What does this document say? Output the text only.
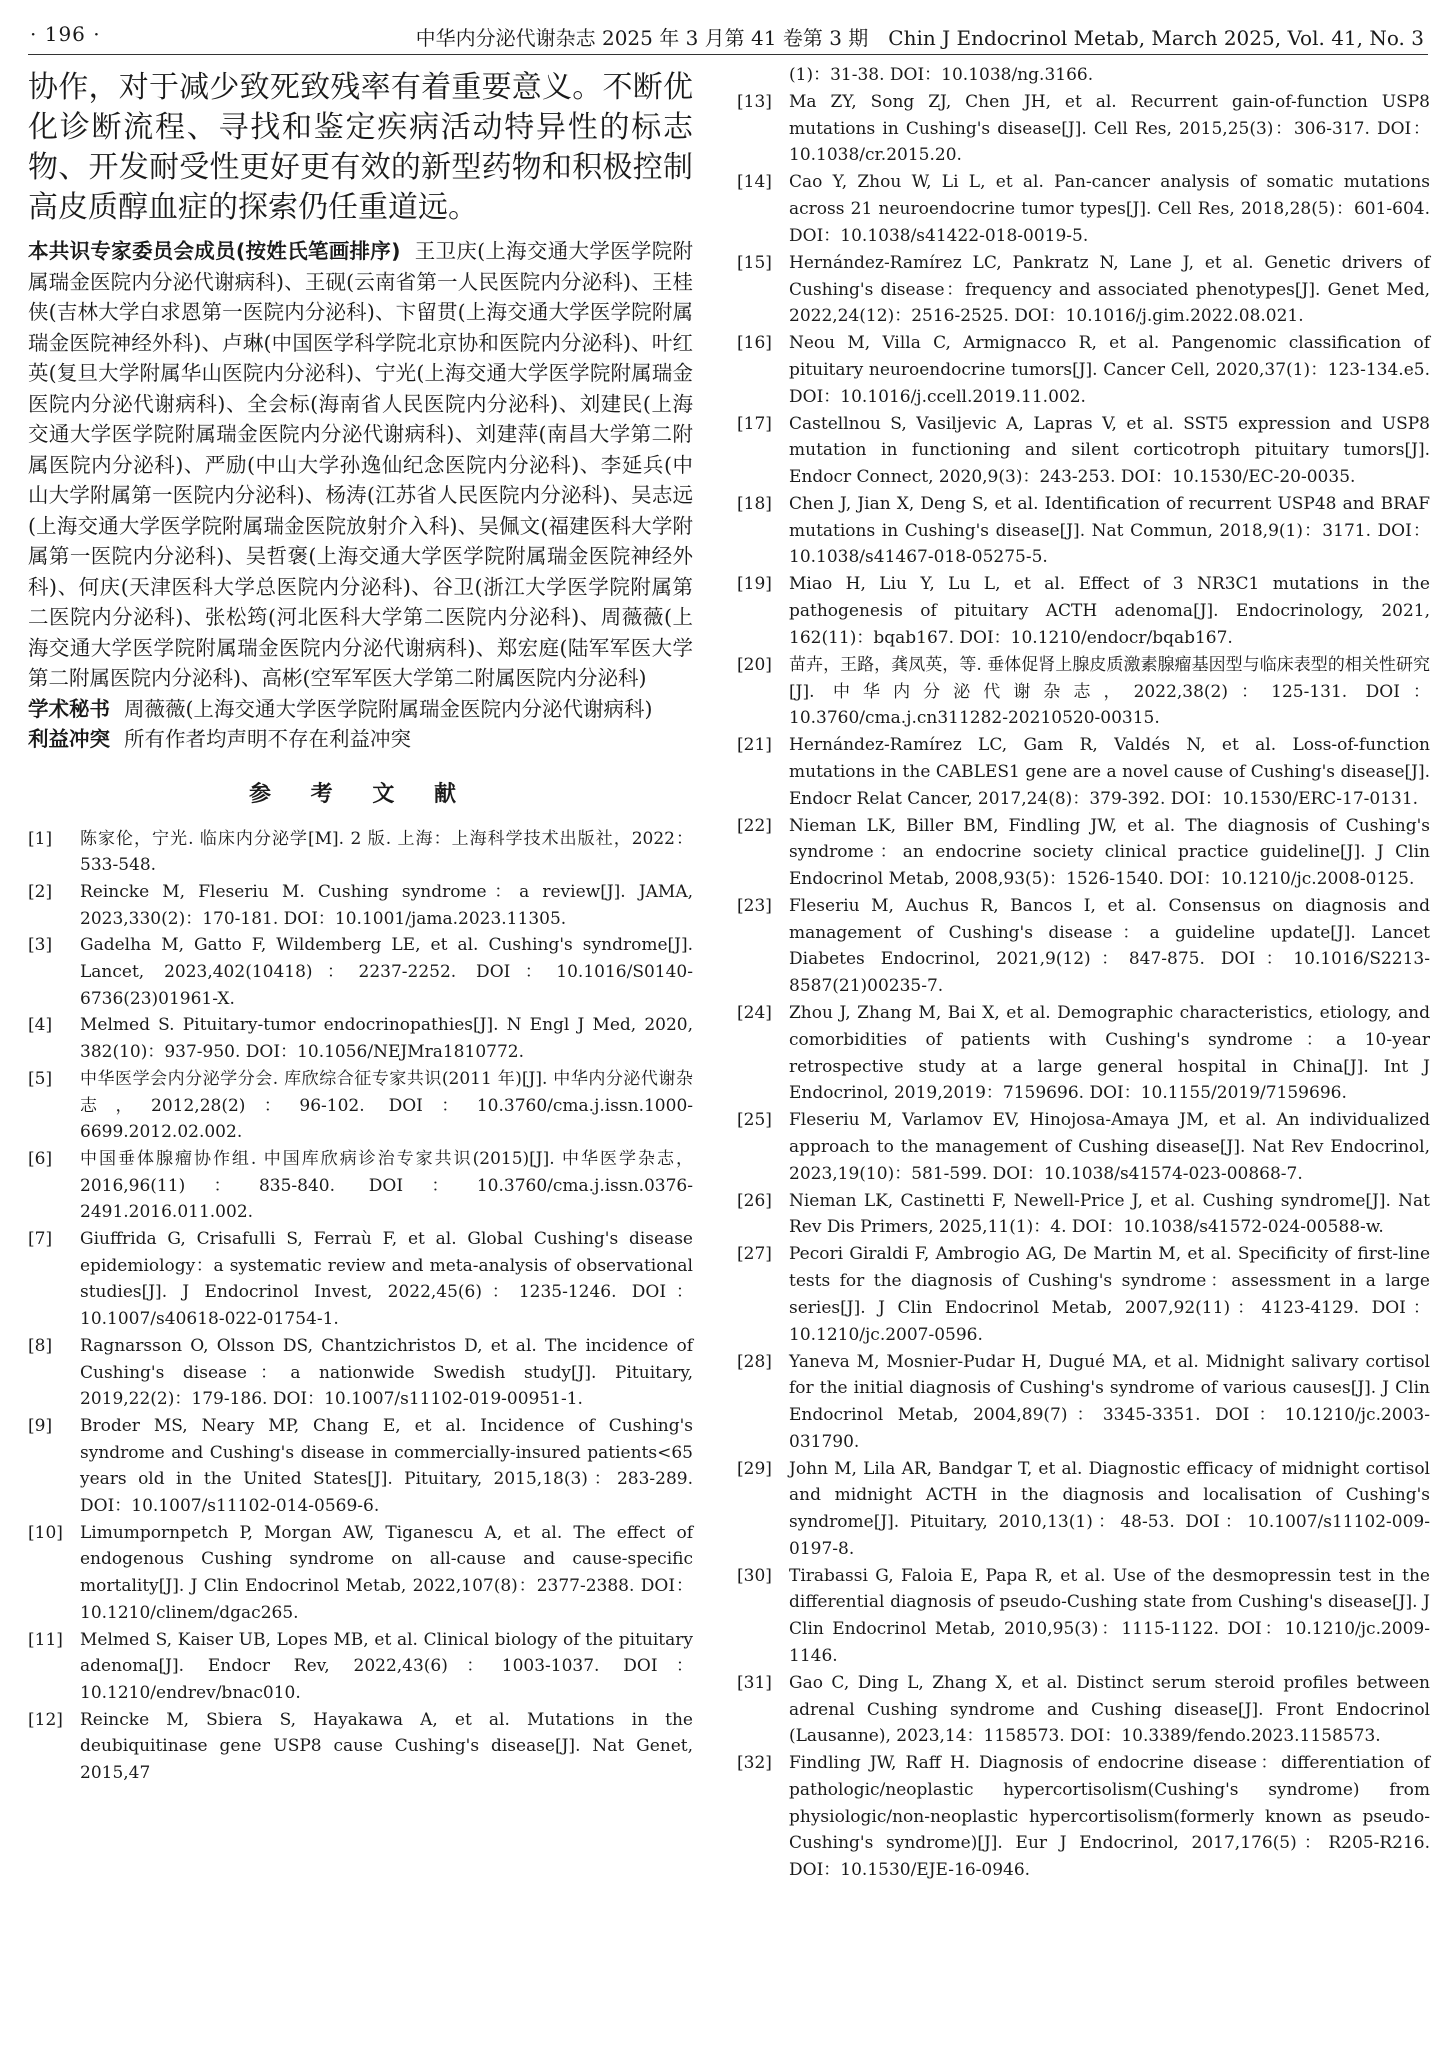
· 196 ·	中华内分泌代谢杂志 2025 年 3 月第 41 卷第 3 期　Chin J Endocrinol Metab, March 2025, Vol. 41, No. 3

协作，对于减少致死致残率有着重要意义。不断优化诊断流程、寻找和鉴定疾病活动特异性的标志物、开发耐受性更好更有效的新型药物和积极控制高皮质醇血症的探索仍任重道远。

本共识专家委员会成员(按姓氏笔画排序) 王卫庆(上海交通大学医学院附属瑞金医院内分泌代谢病科)、王砚(云南省第一人民医院内分泌科)、王桂侠(吉林大学白求恩第一医院内分泌科)、卞留贯(上海交通大学医学院附属瑞金医院神经外科)、卢琳(中国医学科学院北京协和医院内分泌科)、叶红英(复旦大学附属华山医院内分泌科)、宁光(上海交通大学医学院附属瑞金医院内分泌代谢病科)、全会标(海南省人民医院内分泌科)、刘建民(上海交通大学医学院附属瑞金医院内分泌代谢病科)、刘建萍(南昌大学第二附属医院内分泌科)、严励(中山大学孙逸仙纪念医院内分泌科)、李延兵(中山大学附属第一医院内分泌科)、杨涛(江苏省人民医院内分泌科)、吴志远(上海交通大学医学院附属瑞金医院放射介入科)、吴佩文(福建医科大学附属第一医院内分泌科)、吴哲褒(上海交通大学医学院附属瑞金医院神经外科)、何庆(天津医科大学总医院内分泌科)、谷卫(浙江大学医学院附属第二医院内分泌科)、张松筠(河北医科大学第二医院内分泌科)、周薇薇(上海交通大学医学院附属瑞金医院内分泌代谢病科)、郑宏庭(陆军军医大学第二附属医院内分泌科)、高彬(空军军医大学第二附属医院内分泌科)

学术秘书 周薇薇(上海交通大学医学院附属瑞金医院内分泌代谢病科)

利益冲突 所有作者均声明不存在利益冲突

参 考 文 献
[1]	陈家伦，宁光. 临床内分泌学[M]. 2 版. 上海：上海科学技术出版社，2022：533-548.
[2]	Reincke M, Fleseriu M. Cushing syndrome：a review[J]. JAMA, 2023,330(2)：170-181. DOI：10.1001/jama.2023.11305.
[3]	Gadelha M, Gatto F, Wildemberg LE, et al. Cushing's syndrome[J]. Lancet, 2023,402(10418)：2237-2252. DOI：10.1016/S0140-6736(23)01961-X.
[4]	Melmed S. Pituitary-tumor endocrinopathies[J]. N Engl J Med, 2020, 382(10)：937-950. DOI：10.1056/NEJMra1810772.
[5]	中华医学会内分泌学分会. 库欣综合征专家共识(2011 年)[J]. 中华内分泌代谢杂志，2012,28(2)：96-102. DOI：10.3760/cma.j.issn.1000-6699.2012.02.002.
[6]	中国垂体腺瘤协作组. 中国库欣病诊治专家共识(2015)[J]. 中华医学杂志，2016,96(11)：835-840. DOI：10.3760/cma.j.issn.0376-2491.2016.011.002.
[7]	Giuffrida G, Crisafulli S, Ferraù F, et al. Global Cushing's disease epidemiology：a systematic review and meta-analysis of observational studies[J]. J Endocrinol Invest, 2022,45(6)：1235-1246. DOI：10.1007/s40618-022-01754-1.
[8]	Ragnarsson O, Olsson DS, Chantzichristos D, et al. The incidence of Cushing's disease：a nationwide Swedish study[J]. Pituitary, 2019,22(2)：179-186. DOI：10.1007/s11102-019-00951-1.
[9]	Broder MS, Neary MP, Chang E, et al. Incidence of Cushing's syndrome and Cushing's disease in commercially-insured patients<65 years old in the United States[J]. Pituitary, 2015,18(3)：283-289. DOI：10.1007/s11102-014-0569-6.
[10]	Limumpornpetch P, Morgan AW, Tiganescu A, et al. The effect of endogenous Cushing syndrome on all-cause and cause-specific mortality[J]. J Clin Endocrinol Metab, 2022,107(8)：2377-2388. DOI：10.1210/clinem/dgac265.
[11]	Melmed S, Kaiser UB, Lopes MB, et al. Clinical biology of the pituitary adenoma[J]. Endocr Rev, 2022,43(6)：1003-1037. DOI：10.1210/endrev/bnac010.
[12]	Reincke M, Sbiera S, Hayakawa A, et al. Mutations in the deubiquitinase gene USP8 cause Cushing's disease[J]. Nat Genet, 2015,47
(1)：31-38. DOI：10.1038/ng.3166.
[13]	Ma ZY, Song ZJ, Chen JH, et al. Recurrent gain-of-function USP8 mutations in Cushing's disease[J]. Cell Res, 2015,25(3)：306-317. DOI：10.1038/cr.2015.20.
[14]	Cao Y, Zhou W, Li L, et al. Pan-cancer analysis of somatic mutations across 21 neuroendocrine tumor types[J]. Cell Res, 2018,28(5)：601-604. DOI：10.1038/s41422-018-0019-5.
[15]	Hernández-Ramírez LC, Pankratz N, Lane J, et al. Genetic drivers of Cushing's disease：frequency and associated phenotypes[J]. Genet Med, 2022,24(12)：2516-2525. DOI：10.1016/j.gim.2022.08.021.
[16]	Neou M, Villa C, Armignacco R, et al. Pangenomic classification of pituitary neuroendocrine tumors[J]. Cancer Cell, 2020,37(1)：123-134.e5. DOI：10.1016/j.ccell.2019.11.002.
[17]	Castellnou S, Vasiljevic A, Lapras V, et al. SST5 expression and USP8 mutation in functioning and silent corticotroph pituitary tumors[J]. Endocr Connect, 2020,9(3)：243-253. DOI：10.1530/EC-20-0035.
[18]	Chen J, Jian X, Deng S, et al. Identification of recurrent USP48 and BRAF mutations in Cushing's disease[J]. Nat Commun, 2018,9(1)：3171. DOI：10.1038/s41467-018-05275-5.
[19]	Miao H, Liu Y, Lu L, et al. Effect of 3 NR3C1 mutations in the pathogenesis of pituitary ACTH adenoma[J]. Endocrinology, 2021, 162(11)：bqab167. DOI：10.1210/endocr/bqab167.
[20]	苗卉，王路，龚凤英，等. 垂体促肾上腺皮质激素腺瘤基因型与临床表型的相关性研究[J]. 中华内分泌代谢杂志，2022,38(2)：125-131. DOI：10.3760/cma.j.cn311282-20210520-00315.
[21]	Hernández-Ramírez LC, Gam R, Valdés N, et al. Loss-of-function mutations in the CABLES1 gene are a novel cause of Cushing's disease[J]. Endocr Relat Cancer, 2017,24(8)：379-392. DOI：10.1530/ERC-17-0131.
[22]	Nieman LK, Biller BM, Findling JW, et al. The diagnosis of Cushing's syndrome：an endocrine society clinical practice guideline[J]. J Clin Endocrinol Metab, 2008,93(5)：1526-1540. DOI：10.1210/jc.2008-0125.
[23]	Fleseriu M, Auchus R, Bancos I, et al. Consensus on diagnosis and management of Cushing's disease：a guideline update[J]. Lancet Diabetes Endocrinol, 2021,9(12)：847-875. DOI：10.1016/S2213-8587(21)00235-7.
[24]	Zhou J, Zhang M, Bai X, et al. Demographic characteristics, etiology, and comorbidities of patients with Cushing's syndrome：a 10-year retrospective study at a large general hospital in China[J]. Int J Endocrinol, 2019,2019：7159696. DOI：10.1155/2019/7159696.
[25]	Fleseriu M, Varlamov EV, Hinojosa-Amaya JM, et al. An individualized approach to the management of Cushing disease[J]. Nat Rev Endocrinol, 2023,19(10)：581-599. DOI：10.1038/s41574-023-00868-7.
[26]	Nieman LK, Castinetti F, Newell-Price J, et al. Cushing syndrome[J]. Nat Rev Dis Primers, 2025,11(1)：4. DOI：10.1038/s41572-024-00588-w.
[27]	Pecori Giraldi F, Ambrogio AG, De Martin M, et al. Specificity of first-line tests for the diagnosis of Cushing's syndrome：assessment in a large series[J]. J Clin Endocrinol Metab, 2007,92(11)：4123-4129. DOI：10.1210/jc.2007-0596.
[28]	Yaneva M, Mosnier-Pudar H, Dugué MA, et al. Midnight salivary cortisol for the initial diagnosis of Cushing's syndrome of various causes[J]. J Clin Endocrinol Metab, 2004,89(7)：3345-3351. DOI：10.1210/jc.2003-031790.
[29]	John M, Lila AR, Bandgar T, et al. Diagnostic efficacy of midnight cortisol and midnight ACTH in the diagnosis and localisation of Cushing's syndrome[J]. Pituitary, 2010,13(1)：48-53. DOI：10.1007/s11102-009-0197-8.
[30]	Tirabassi G, Faloia E, Papa R, et al. Use of the desmopressin test in the differential diagnosis of pseudo-Cushing state from Cushing's disease[J]. J Clin Endocrinol Metab, 2010,95(3)：1115-1122. DOI：10.1210/jc.2009-1146.
[31]	Gao C, Ding L, Zhang X, et al. Distinct serum steroid profiles between adrenal Cushing syndrome and Cushing disease[J]. Front Endocrinol (Lausanne), 2023,14：1158573. DOI：10.3389/fendo.2023.1158573.
[32]	Findling JW, Raff H. Diagnosis of endocrine disease：differentiation of pathologic/neoplastic hypercortisolism(Cushing's syndrome) from physiologic/non-neoplastic hypercortisolism(formerly known as pseudo-Cushing's syndrome)[J]. Eur J Endocrinol, 2017,176(5)：R205-R216. DOI：10.1530/EJE-16-0946.
